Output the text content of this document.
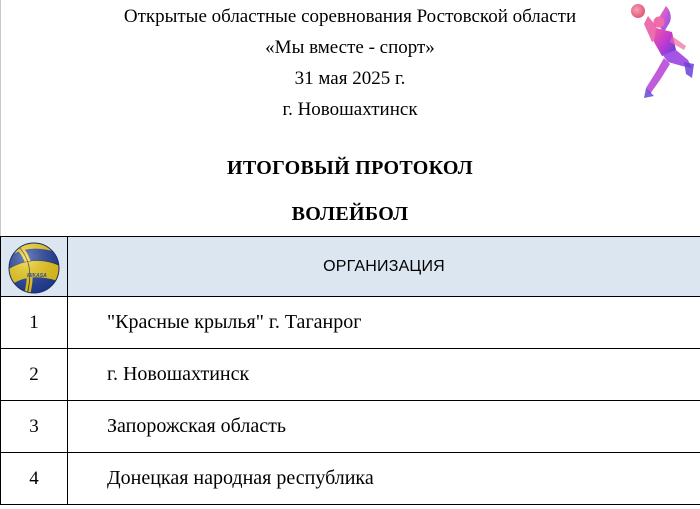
Открытые областные соревнования Ростовской области
«Мы вместе - спорт»
31 мая 2025 г.
г. Новошахтинск
ИТОГОВЫЙ ПРОТОКОЛ
ВОЛЕЙБОЛ
	ОРГАНИЗАЦИЯ
1	"Красные крылья" г. Таганрог
2	г. Новошахтинск
3	Запорожская область
4	Донецкая народная республика
